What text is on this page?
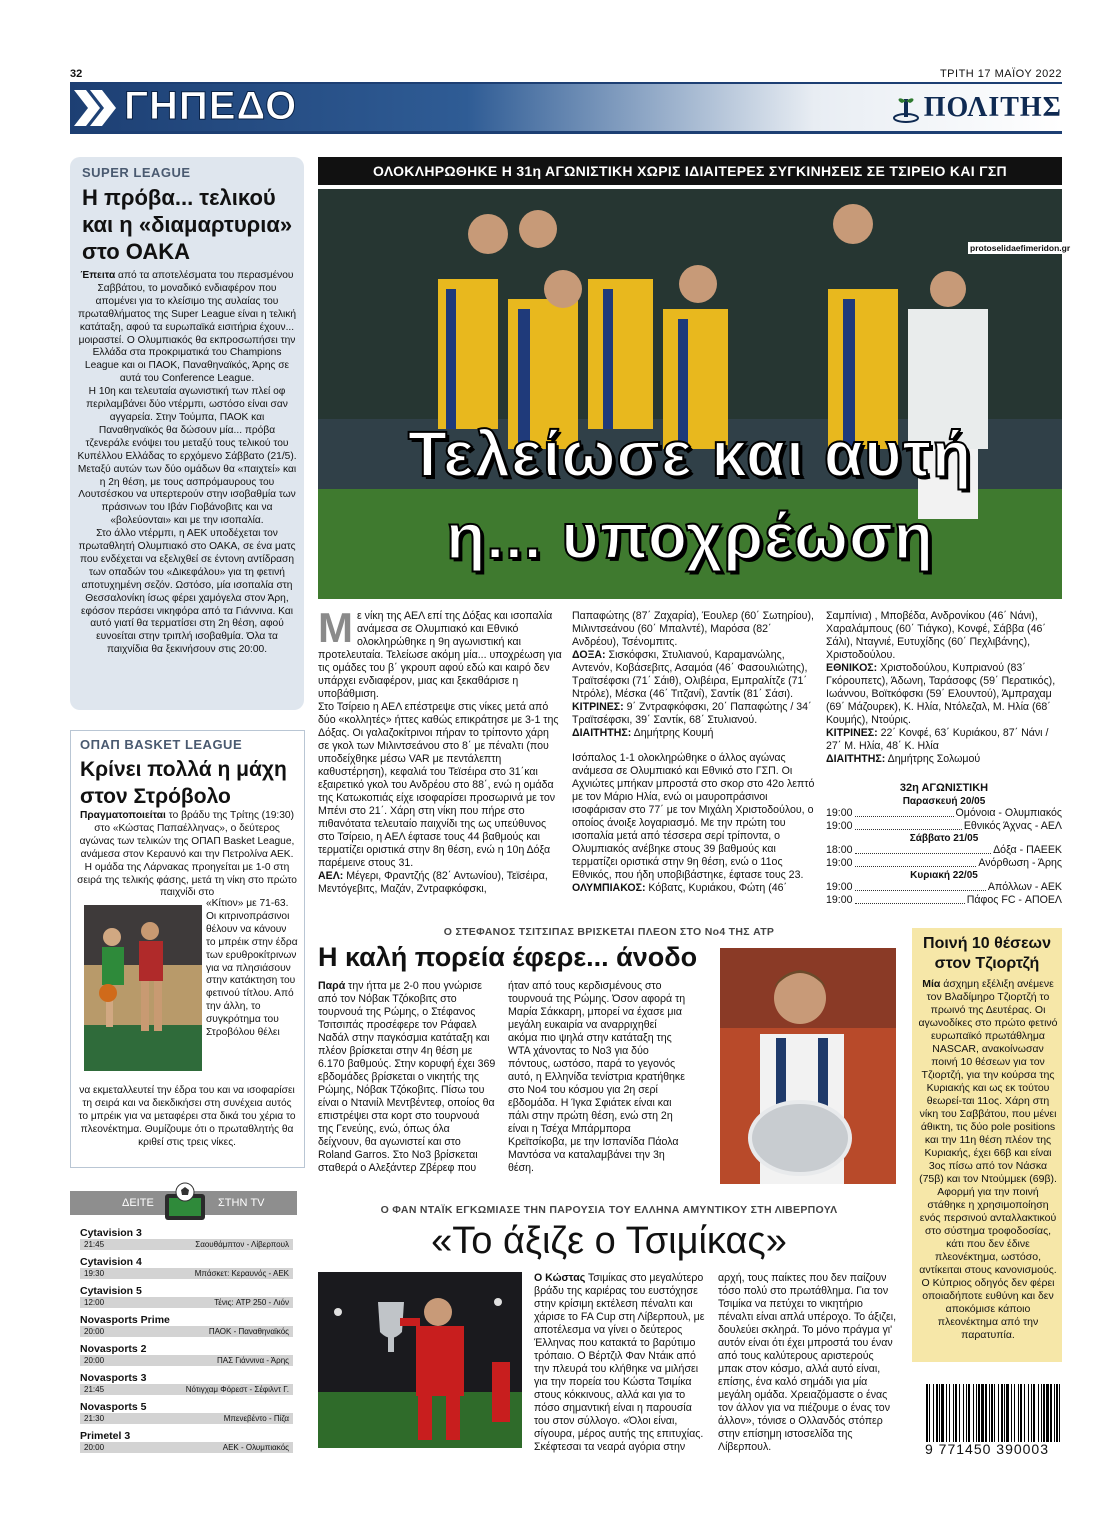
32	ΤΡΙΤΗ 17 ΜΑΪΟΥ 2022
ΓΗΠΕΔΟ	ΠΟΛΙΤΗΣ
SUPER LEAGUE
Η πρόβα... τελικού και η «διαμαρτυρια» στο ΟΑΚΑ

Έπειτα από τα αποτελέσματα του περασμένου Σαββάτου, το μοναδικό ενδιαφέρον που απομένει για το κλείσιμο της αυλαίας του πρωταθλήματος της Super League είναι η τελική κατάταξη, αφού τα ευρωπαϊκά εισιτήρια έχουν... μοιραστεί. Ο Ολυμπιακός θα εκπροσωπήσει την Ελλάδα στα προκριματικά του Champions League και οι ΠΑΟΚ, Παναθηναϊκός, Άρης σε αυτά του Conference League.

Η 10η και τελευταία αγωνιστική των πλεί οφ περιλαμβάνει δύο ντέρμπι, ωστόσο είναι σαν αγγαρεία. Στην Τούμπα, ΠΑΟΚ και Παναθηναϊκός θα δώσουν μία... πρόβα τζενεράλε ενόψει του μεταξύ τους τελικού του Κυπέλλου Ελλάδας το ερχόμενο Σάββατο (21/5). Μεταξύ αυτών των δύο ομάδων θα «παιχτεί» και η 2η θέση, με τους ασπρόμαυρους του Λουτσέσκου να υπερτερούν στην ισοβαθμία των πράσινων του Ιβάν Γιοβάνοβιτς και να «βολεύονται» και με την ισοπαλία.

Στο άλλο ντέρμπι, η ΑΕΚ υποδέχεται τον πρωταθλητή Ολυμπιακό στο ΟΑΚΑ, σε ένα ματς που ενδέχεται να εξελιχθεί σε έντονη αντίδραση των οπαδών του «Δικεφάλου» για τη φετινή αποτυχημένη σεζόν. Ωστόσο, μία ισοπαλία στη Θεσσαλονίκη ίσως φέρει χαμόγελα στον Άρη, εφόσον περάσει νικηφόρα από τα Γιάννινα. Και αυτό γιατί θα τερματίσει στη 2η θέση, αφού ευνοείται στην τριπλή ισοβαθμία. Όλα τα παιχνίδια θα ξεκινήσουν στις 20:00.

ΟΠΑΠ BASKET LEAGUE
Κρίνει πολλά η μάχη στον Στρόβολο
Πραγματοποιείται το βράδυ της Τρίτης (19:30) στο «Κώστας Παπαέλληνας», ο δεύτερος αγώνας των τελικών της ΟΠΑΠ Basket League, ανάμεσα στον Κεραυνό και την Πετρολίνα ΑΕΚ. Η ομάδα της Λάρνακας προηγείται με 1-0 στη σειρά της τελικής φάσης, μετά τη νίκη στο πρώτο παιχνίδι στο
«Κίτιον» με 71-63. Οι κιτρινοπράσινοι θέλουν να κάνουν το μπρέικ στην έδρα των ερυθροκίτρινων για να πλησιάσουν στην κατάκτηση του φετινού τίτλου. Από την άλλη, το συγκρότημα του Στροβόλου θέλει
να εκμεταλλευτεί την έδρα του και να ισοφαρίσει τη σειρά και να διεκδικήσει στη συνέχεια αυτός το μπρέικ για να μεταφέρει στα δικά του χέρια το πλεονέκτημα. Θυμίζουμε ότι ο πρωταθλητής θα κριθεί στις τρεις νίκες.
ΔΕΙΤΕ	ΣΤΗΝ TV
Cytavision 3
21:45	Σαουθάμπτον - Λίβερπουλ
Cytavision 4
19:30	Μπάσκετ: Κεραυνός - ΑΕΚ
Cytavision 5
12:00	Τένις: ATP 250 - Λιόν
Novasports Prime
20:00	ΠΑΟΚ - Παναθηναϊκός
Novasports 2
20:00	ΠΑΣ Γιάννινα - Άρης
Novasports 3
21:45	Νότιγχαμ Φόρεστ - Σέφιλντ Γ.
Novasports 5
21:30	Μπενεβέντο - Πίζα
Primetel 3
20:00	ΑΕΚ - Ολυμπιακός
ΟΛΟΚΛΗΡΩΘΗΚΕ Η 31η ΑΓΩΝΙΣΤΙΚΗ ΧΩΡΙΣ ΙΔΙΑΙΤΕΡΕΣ ΣΥΓΚΙΝΗΣΕΙΣ ΣΕ ΤΣΙΡΕΙΟ ΚΑΙ ΓΣΠ
Τελείωσε και αυτή
η... υποχρέωση
protoselidaefimeridon.gr
Με νίκη της ΑΕΛ επί της Δόξας και ισοπαλία ανάμεσα σε Ολυμπιακό και Εθνικό ολοκληρώθηκε η 9η αγωνιστική και προτελευταία. Τελείωσε ακόμη μία... υποχρέωση για τις ομάδες του β΄ γκρουπ αφού εδώ και καιρό δεν υπάρχει ενδιαφέρον, μιας και ξεκαθάρισε η υποβάθμιση.

Στο Τσίρειο η ΑΕΛ επέστρεψε στις νίκες μετά από δύο «κολλητές» ήττες καθώς επικράτησε με 3-1 της Δόξας. Οι γαλαζοκίτρινοι πήραν το τρίποντο χάρη σε γκολ των Μιλιντσεάνου στο 8΄ με πέναλτι (που υποδείχθηκε μέσω VAR με πεντάλεπτη καθυστέρηση), κεφαλιά του Τεϊσέιρα στο 31΄και εξαιρετικό γκολ του Ανδρέου στο 88΄, ενώ η ομάδα της Κατωκοπιάς είχε ισοφαρίσει προσωρινά με τον Μπένι στο 21΄. Χάρη στη νίκη που πήρε στο πιθανότατα τελευταίο παιχνίδι της ως υπεύθυνος στο Τσίρειο, η ΑΕΛ έφτασε τους 44 βαθμούς και τερματίζει οριστικά στην 8η θέση, ενώ η 10η Δόξα παρέμεινε στους 31.

ΑΕΛ: Μέγερι, Φραντζής (82΄ Αντωνίου), Τεϊσέιρα, Μεντόγεβιτς, Μαζάν, Ζντραφκόφσκι,

Παπαφώτης (87΄ Ζαχαρία), Έουλερ (60΄ Σωτηρίου), Μιλιντσεάνου (60΄ Μπαλντέ), Μαρόσα (82΄ Ανδρέου), Τσένομπιτς.

ΔΟΞΑ: Σισκόφσκι, Στυλιανού, Καραμανώλης, Αντενόν, Κοβάσεβιτς, Ασαμόα (46΄ Φασουλιώτης), Τραϊτσέφσκι (71΄ Σάιθ), Ολιβέιρα, Εμπραλίτζε (71΄ Ντρόλε), Μέσκα (46΄ Τιτζανί), Σαντίκ (81΄ Σάσι).

ΚΙΤΡΙΝΕΣ: 9΄ Ζντραφκόφσκι, 20΄ Παπαφώτης / 34΄ Τραϊτσέφσκι, 39΄ Σαντίκ, 68΄ Στυλιανού.

ΔΙΑΙΤΗΤΗΣ: Δημήτρης Κουμή

Ισόπαλος 1-1 ολοκληρώθηκε ο άλλος αγώνας ανάμεσα σε Ολυμπιακό και Εθνικό στο ΓΣΠ. Οι Αχνιώτες μπήκαν μπροστά στο σκορ στο 42ο λεπτό με τον Μάριο Ηλία, ενώ οι μαυροπράσινοι ισοφάρισαν στο 77΄ με τον Μιχάλη Χριστοδούλου, ο οποίος άνοιξε λογαριασμό. Με την πρώτη του ισοπαλία μετά από τέσσερα σερί τρίποντα, ο Ολυμπιακός ανέβηκε στους 39 βαθμούς και τερματίζει οριστικά στην 9η θέση, ενώ ο 11ος Εθνικός, που ήδη υποβιβάστηκε, έφτασε τους 23.

ΟΛΥΜΠΙΑΚΟΣ: Κόβατς, Κυριάκου, Φώτη (46΄

Σαμπίνια) , Μποβέδα, Ανδρονίκου (46΄ Νάνι), Χαραλάμπους (60΄ Τιάγκο), Κονφέ, Σάββα (46΄ Σάλι), Νταγνιέ, Ευτυχίδης (60΄ Πεχλιβάνης), Χριστοδούλου.

ΕΘΝΙΚΟΣ: Χριστοδούλου, Κυπριανού (83΄ Γκόρουπετς), Άδωνη, Ταράσοφς (59΄ Περατικός), Ιωάννου, Βοϊτκόφσκι (59΄ Ελουντού), Άμπραχαμ (69΄ Μάζουρεκ), Κ. Ηλία, Ντόλεζαλ, Μ. Ηλία (68΄ Κουμής), Ντούρις.

ΚΙΤΡΙΝΕΣ: 22΄ Κονφέ, 63΄ Κυριάκου, 87΄ Νάνι / 27΄ Μ. Ηλία, 48΄ Κ. Ηλία

ΔΙΑΙΤΗΤΗΣ: Δημήτρης Σολωμού

32η ΑΓΩΝΙΣΤΙΚΗ
Παρασκευή 20/05
19:00	Ομόνοια - Ολυμπιακός
19:00	Εθνικός Άχνας - ΑΕΛ
Σάββατο 21/05
18:00	Δόξα - ΠΑΕΕΚ
19:00	Ανόρθωση - Άρης
Κυριακή 22/05
19:00	Απόλλων - ΑΕΚ
19:00	Πάφος FC - ΑΠΟΕΛ
Ο ΣΤΕΦΑΝΟΣ ΤΣΙΤΣΙΠΑΣ ΒΡΙΣΚΕΤΑΙ ΠΛΕΟΝ ΣΤΟ Νο4 ΤΗΣ ATP
Η καλή πορεία έφερε... άνοδο
Παρά την ήττα με 2-0 που γνώρισε από τον Νόβακ Τζόκοβιτς στο τουρνουά της Ρώμης, ο Στέφανος Τσιτσιπάς προσέφερε τον Ράφαελ Ναδάλ στην παγκόσμια κατάταξη και πλέον βρίσκεται στην 4η θέση με 6.170 βαθμούς. Στην κορυφή έχει 369 εβδομάδες βρίσκεται ο νικητής της Ρώμης, Νόβακ Τζόκοβιτς. Πίσω του είναι ο Ντανιίλ Μεντβέντεφ, οποίος θα επιστρέψει στα κορτ στο τουρνουά της Γενεύης, ενώ, όπως όλα δείχνουν, θα αγωνιστεί και στο Roland Garros. Στο Νο3 βρίσκεται σταθερά ο Αλεξάντερ Ζβέρεφ που
ήταν από τους κερδισμένους στο τουρνουά της Ρώμης. Όσον αφορά τη Μαρία Σάκκαρη, μπορεί να έχασε μια μεγάλη ευκαιρία να αναρριχηθεί ακόμα πιο ψηλά στην κατάταξη της WTA χάνοντας το Νο3 για δύο πόντους, ωστόσο, παρά το γεγονός αυτό, η Ελληνίδα τενίστρια κρατήθηκε στο Νο4 του κόσμου για 2η σερί εβδομάδα. Η Ίγκα Σφιάτεκ είναι και πάλι στην πρώτη θέση, ενώ στη 2η είναι η Τσέχα Μπάρμπορα Κρεϊτσίκοβα, με την Ισπανίδα Πάολα Μαντόσα να καταλαμβάνει την 3η θέση.
Ποινή 10 θέσεων στον Τζιορτζή
Μία άσχημη εξέλιξη ανέμενε τον Βλαδίμηρο Τζιορτζή το πρωινό της Δευτέρας. Οι αγωνοδίκες στο πρώτο φετινό ευρωπαϊκό πρωτάθλημα NASCAR, ανακοίνωσαν ποινή 10 θέσεων για τον Τζιορτζή, για την κούρσα της Κυριακής και ως εκ τούτου θεωρεί-ται 11ος. Χάρη στη νίκη του Σαββάτου, που μένει άθικτη, τις δύο pole positions και την 11η θέση πλέον της Κυριακής, έχει 66β και είναι 3ος πίσω από τον Νάσκα (75β) και τον Ντούμμεκ (69β). Αφορμή για την ποινή στάθηκε η χρησιμοποίηση ενός περσινού ανταλλακτικού στο σύστημα τροφοδοσίας, κάτι που δεν έδινε πλεονέκτημα, ωστόσο, αντίκειται στους κανονισμούς. Ο Κύπριος οδηγός δεν φέρει οποιαδήποτε ευθύνη και δεν αποκόμισε κάποιο πλεονέκτημα από την παρατυπία.
Ο ΦΑΝ ΝΤΑΪΚ ΕΓΚΩΜΙΑΣΕ ΤΗΝ ΠΑΡΟΥΣΙΑ ΤΟΥ ΕΛΛΗΝΑ ΑΜΥΝΤΙΚΟΥ ΣΤΗ ΛΙΒΕΡΠΟΥΛ
«Το άξιζε ο Τσιμίκας»
Ο Κώστας Τσιμίκας στο μεγαλύτερο βράδυ της καριέρας του ευστόχησε στην κρίσιμη εκτέλεση πέναλτι και χάρισε το FA Cup στη Λίβερπουλ, με αποτέλεσμα να γίνει ο δεύτερος Έλληνας που κατακτά το βαρύτιμο τρόπαιο. Ο Βέρτζιλ Φαν Ντάικ από την πλευρά του κλήθηκε να μιλήσει για την πορεία του Κώστα Τσιμίκα στους κόκκινους, αλλά και για το πόσο σημαντική είναι η παρουσία του στον σύλλογο. «Όλοι είναι, σίγουρα, μέρος αυτής της επιτυχίας. Σκέφτεσαι τα νεαρά αγόρια στην
αρχή, τους παίκτες που δεν παίζουν τόσο πολύ στο πρωτάθλημα. Για τον Τσιμίκα να πετύχει το νικητήριο πέναλτι είναι απλά υπέροχο. Το άξιζει, δουλεύει σκληρά. Το μόνο πράγμα γι' αυτόν είναι ότι έχει μπροστά του έναν από τους καλύτερους αριστερούς μπακ στον κόσμο, αλλά αυτό είναι, επίσης, ένα καλό σημάδι για μία μεγάλη ομάδα. Χρειαζόμαστε ο ένας τον άλλον για να πιέζουμε ο ένας τον άλλον», τόνισε ο Ολλανδός στόπερ στην επίσημη ιστοσελίδα της Λίβερπουλ.	9 771450 390003
